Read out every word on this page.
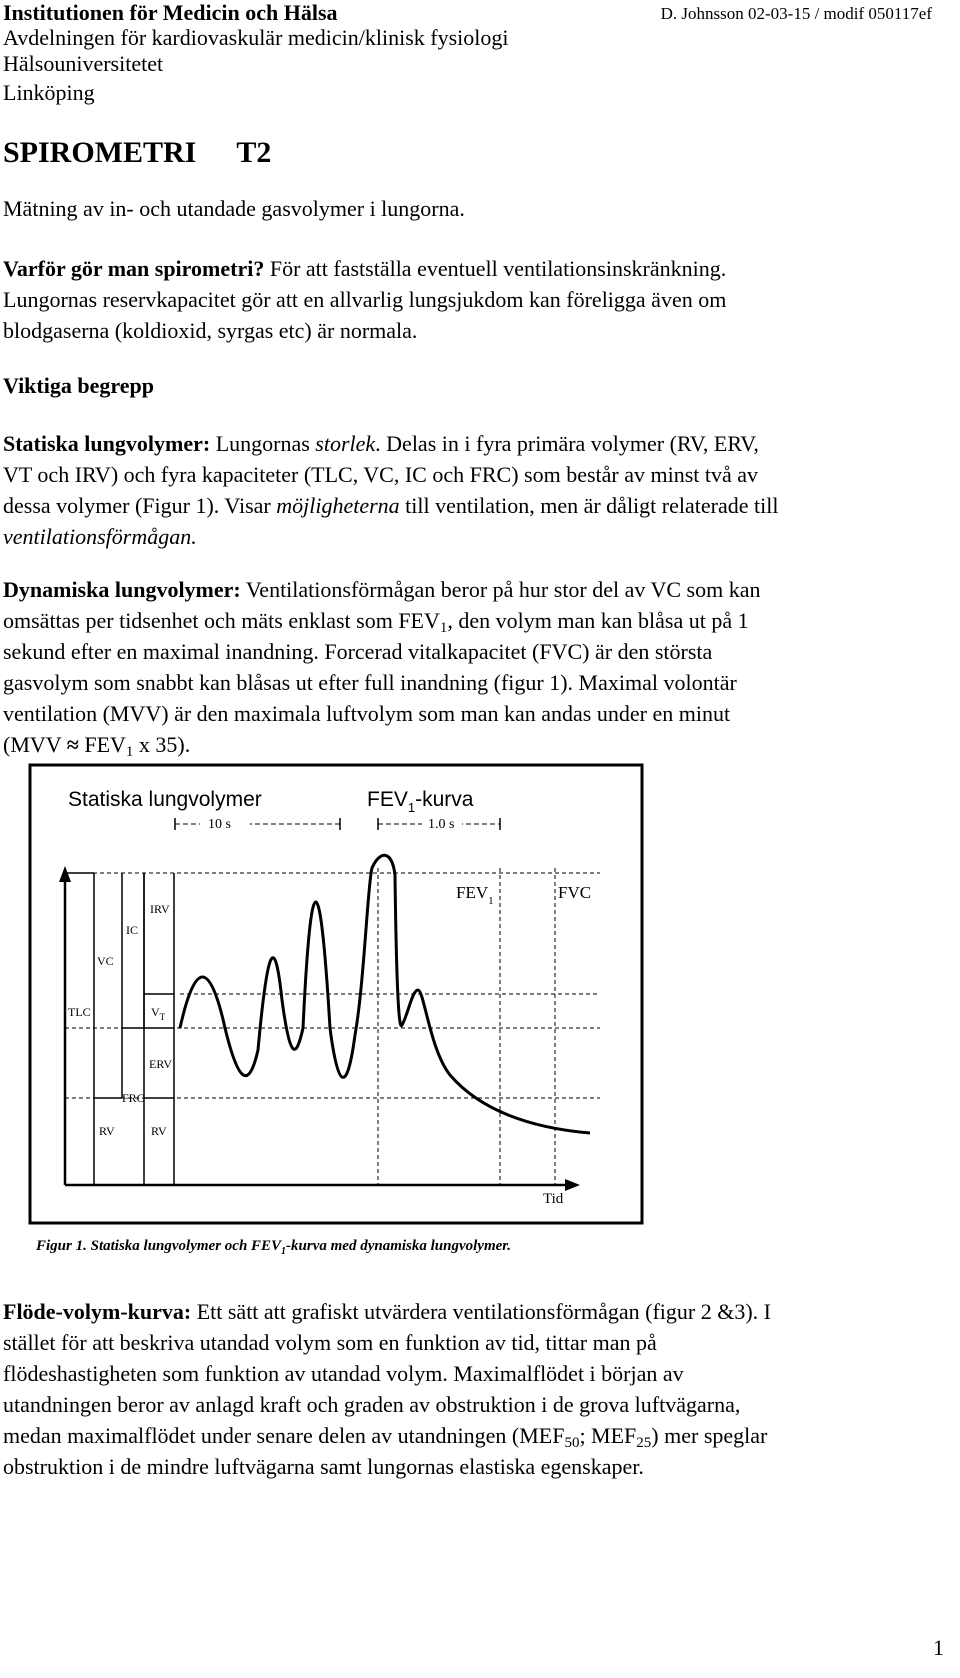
Institutionen för Medicin och Hälsa	D. Johnsson 02-03-15 / modif 050117ef
Avdelningen för kardiovaskulär medicin/klinisk fysiologi
Hälsouniversitetet
Linköping
SPIROMETRI T2
Mätning av in- och utandade gasvolymer i lungorna.
Varför gör man spirometri? För att fastställa eventuell ventilationsinskränkning.
Lungornas reservkapacitet gör att en allvarlig lungsjukdom kan föreligga även om
blodgaserna (koldioxid, syrgas etc) är normala.
Viktiga begrepp
Statiska lungvolymer: Lungornas storlek. Delas in i fyra primära volymer (RV, ERV,
VT och IRV) och fyra kapaciteter (TLC, VC, IC och FRC) som består av minst två av
dessa volymer (Figur 1). Visar möjligheterna till ventilation, men är dåligt relaterade till
ventilationsförmågan.
Dynamiska lungvolymer: Ventilationsförmågan beror på hur stor del av VC som kan
omsättas per tidsenhet och mäts enklast som $FEV_1$, den volym man kan blåsa ut på 1
sekund efter en maximal inandning. Forcerad vitalkapacitet (FVC) är den största
gasvolym som snabbt kan blåsas ut efter full inandning (figur 1). Maximal volontär
ventilation (MVV) är den maximala luftvolym som man kan andas under en minut
($MVV \approx FEV_1$ x 35).
Statiska lungvolymer	$FEV_1$-kurva
10 s	1.0 s
IRV
IC
VC
TLC	$V_T$
ERV
FRC
RV	RV
$FEV_1$	FVC
Tid
Figur 1. Statiska lungvolymer och $FEV_1$-kurva med dynamiska lungvolymer.
Flöde-volym-kurva: Ett sätt att grafiskt utvärdera ventilationsförmågan (figur 2 &3). I
stället för att beskriva utandad volym som en funktion av tid, tittar man på
flödeshastigheten som funktion av utandad volym. Maximalflödet i början av
utandningen beror av anlagd kraft och graden av obstruktion i de grova luftvägarna,
medan maximalflödet under senare delen av utandningen ($MEF_{50}$; $MEF_{25}$) mer speglar
obstruktion i de mindre luftvägarna samt lungornas elastiska egenskaper.
1
